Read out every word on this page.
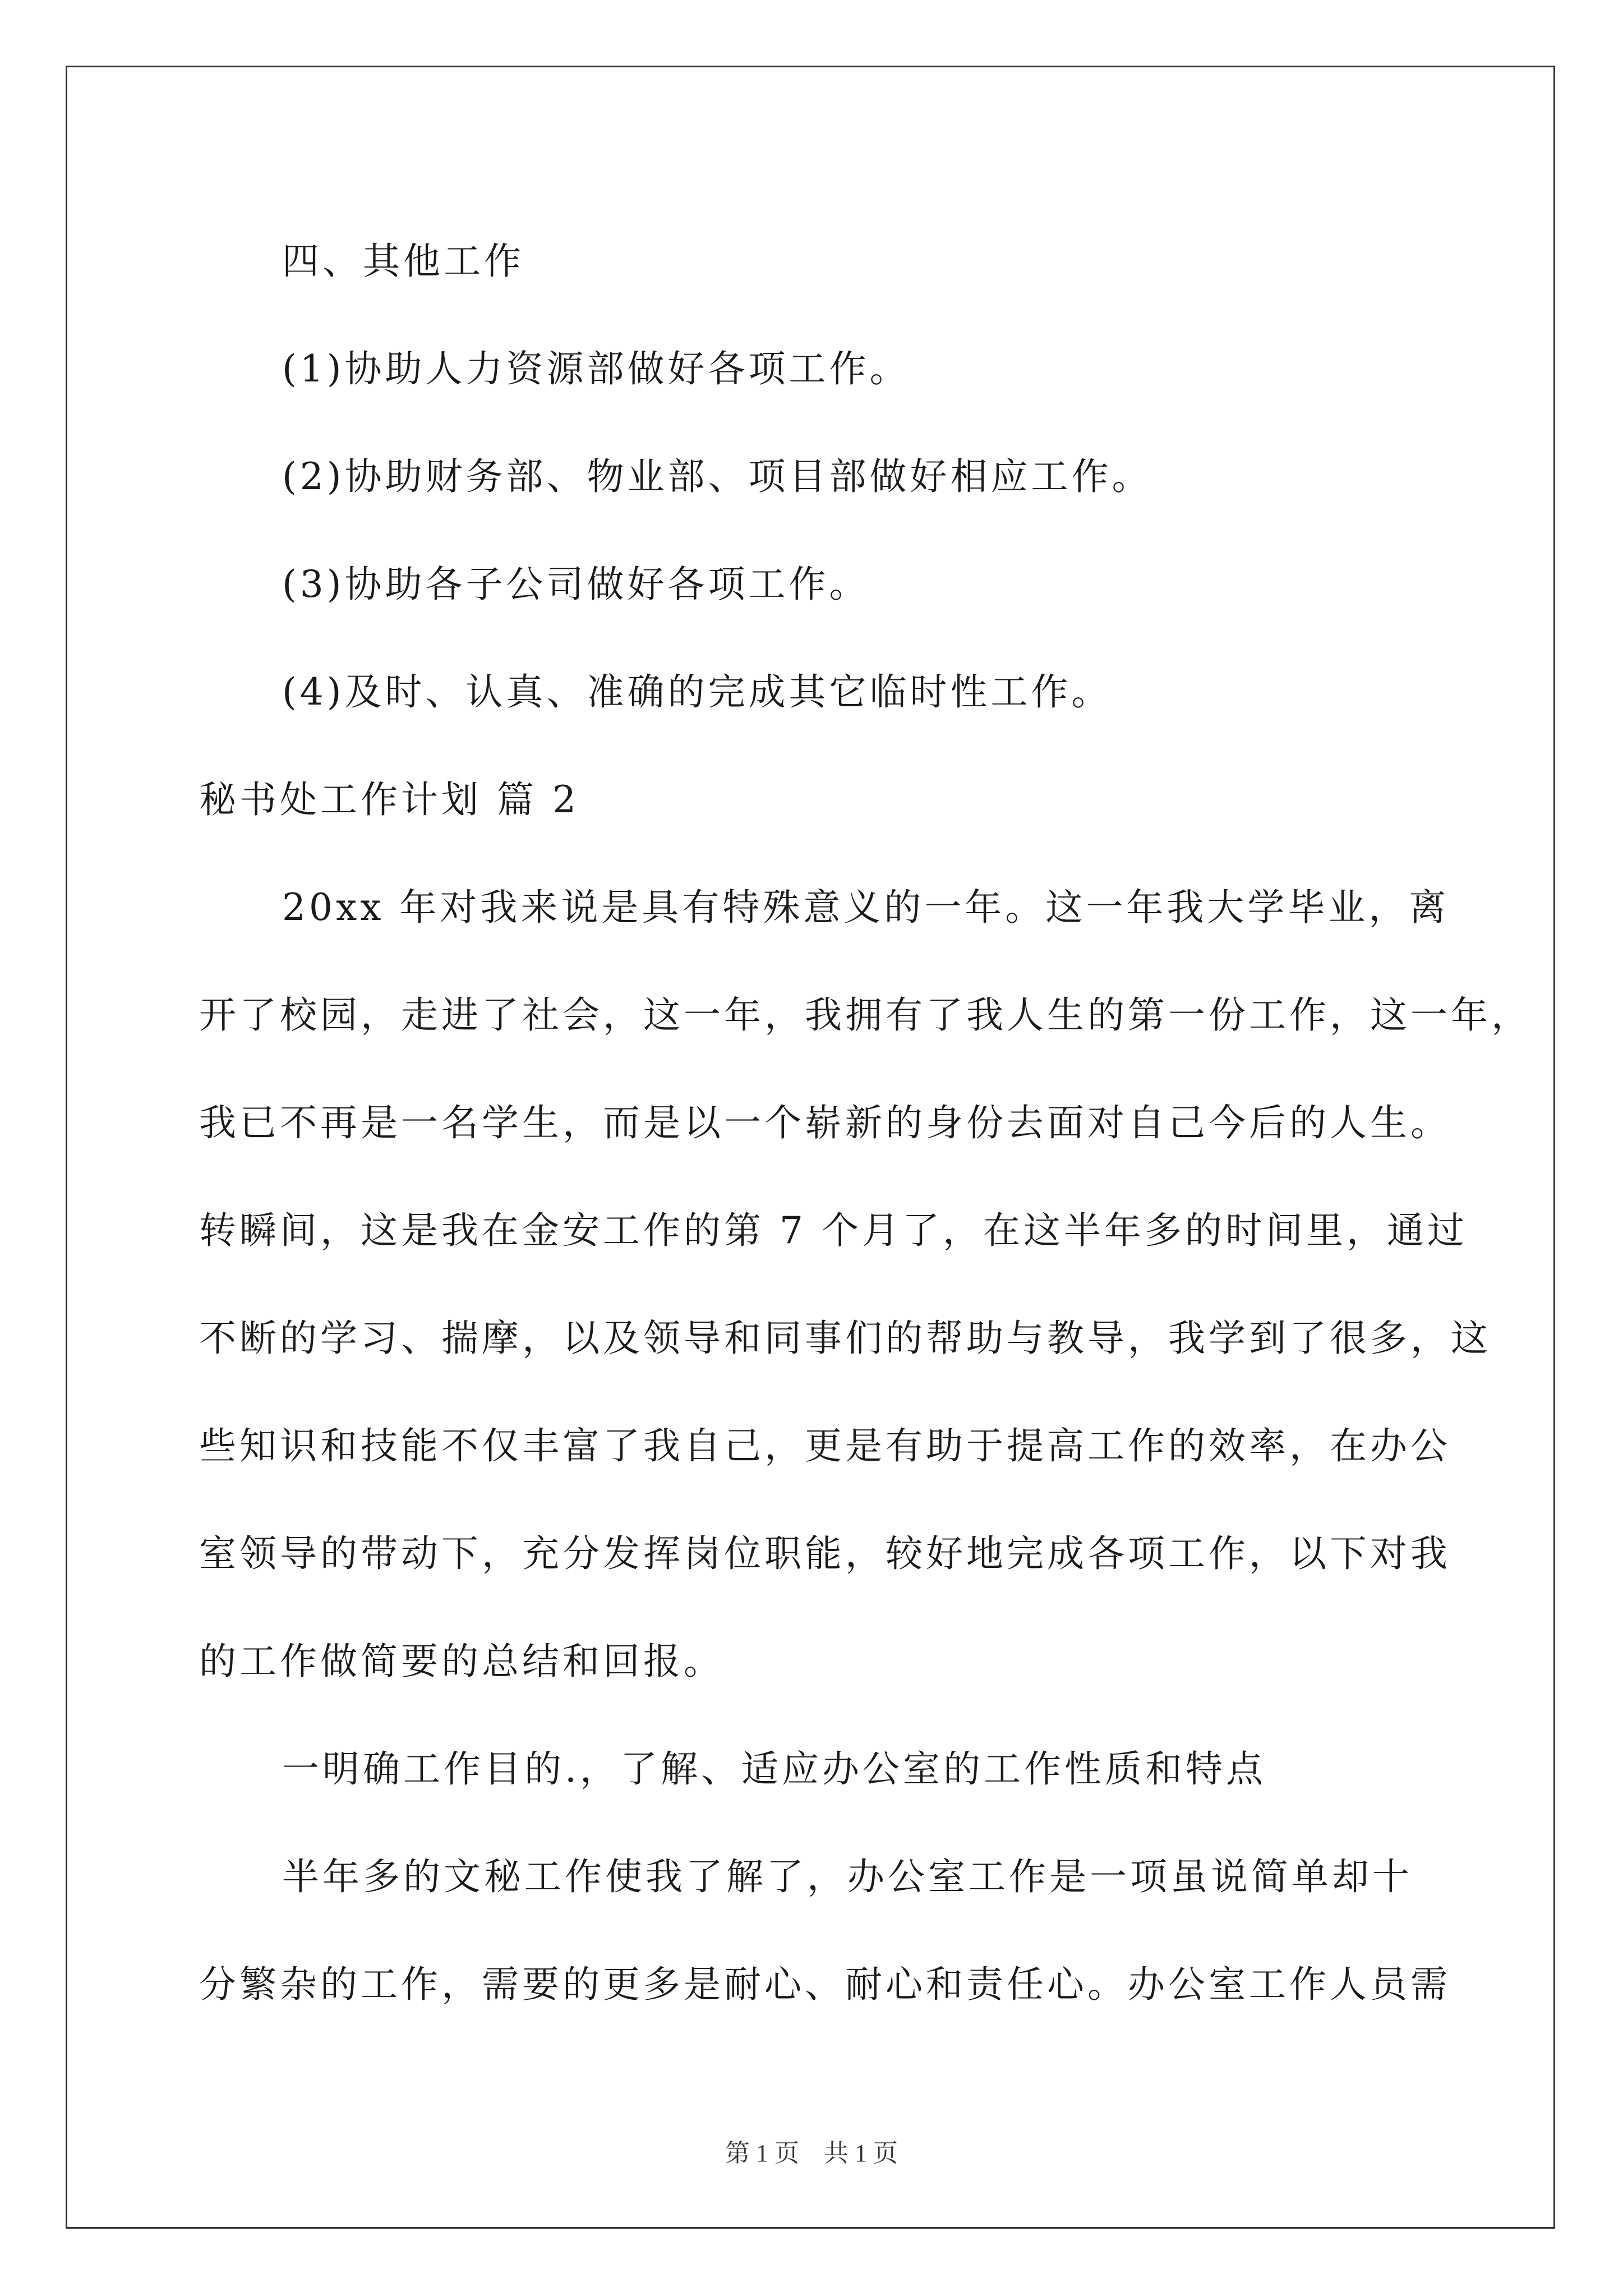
四、其他工作
(1)协助人力资源部做好各项工作。
(2)协助财务部、物业部、项目部做好相应工作。
(3)协助各子公司做好各项工作。
(4)及时、认真、准确的完成其它临时性工作。
秘书处工作计划 篇 2
20xx 年对我来说是具有特殊意义的一年。这一年我大学毕业，离
开了校园，走进了社会，这一年，我拥有了我人生的第一份工作，这一年，
我已不再是一名学生，而是以一个崭新的身份去面对自己今后的人生。
转瞬间，这是我在金安工作的第 7 个月了，在这半年多的时间里，通过
不断的学习、揣摩，以及领导和同事们的帮助与教导，我学到了很多，这
些知识和技能不仅丰富了我自己，更是有助于提高工作的效率，在办公
室领导的带动下，充分发挥岗位职能，较好地完成各项工作，以下对我
的工作做简要的总结和回报。
一明确工作目的.，了解、适应办公室的工作性质和特点
半年多的文秘工作使我了解了，办公室工作是一项虽说简单却十
分繁杂的工作，需要的更多是耐心、耐心和责任心。办公室工作人员需
第 1 页　共 1 页
